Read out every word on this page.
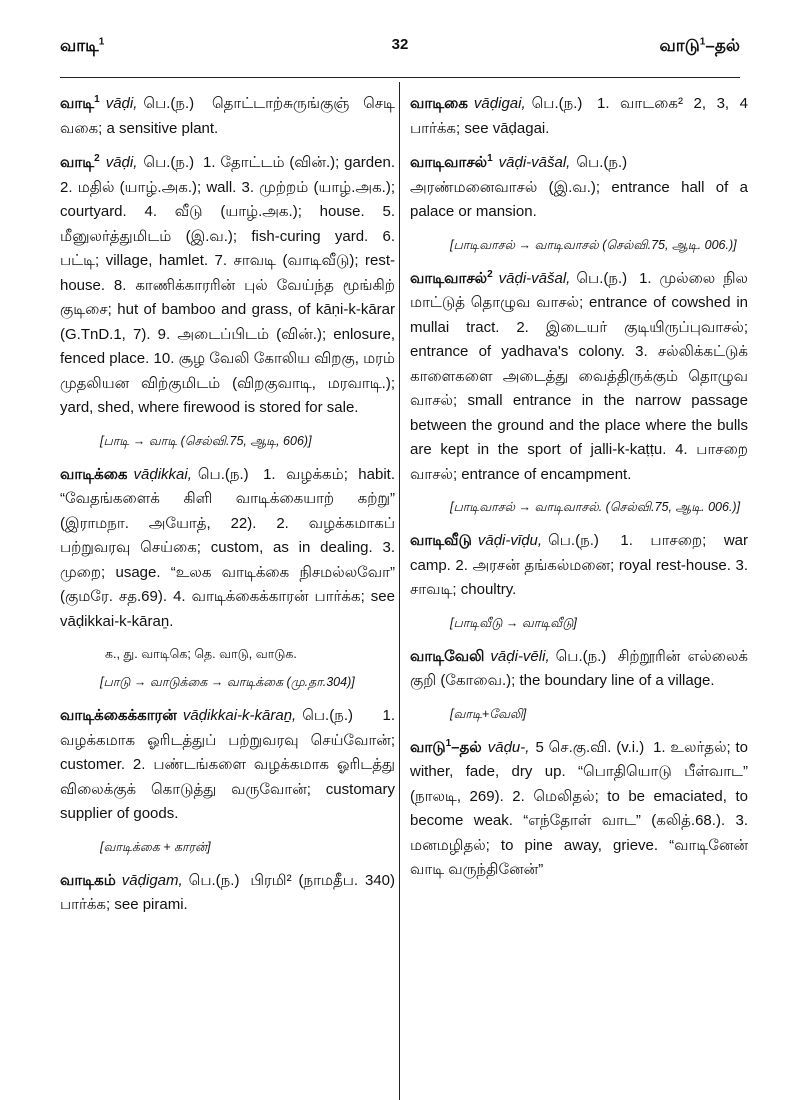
வாடி$^1$	32	வாடு$^1$–தல்
வாடி$^1$ vāḍi, பெ.(ந.) தொட்டாற்சுருங்குஞ் செடி வகை; a sensitive plant.
வாடி$^2$ vāḍi, பெ.(ந.) 1. தோட்டம் (வின்.); garden. 2. மதில் (யாழ்.அக.); wall. 3. முற்றம் (யாழ்.அக.); courtyard. 4. வீடு (யாழ்.அக.); house. 5. மீனுலர்த்துமிடம் (இ.வ.); fish-curing yard. 6. பட்டி; village, hamlet. 7. சாவடி (வாடிவீடு); rest-house. 8. காணிக்காரரின் புல் வேய்ந்த மூங்கிற் குடிசை; hut of bamboo and grass, of kāṇi-k-kārar (G.TnD.1, 7). 9. அடைப்பிடம் (வின்.); enlosure, fenced place. 10. சூழ வேலி கோலிய விறகு, மரம் முதலியன விற்குமிடம் (விறகுவாடி, மரவாடி.); yard, shed, where firewood is stored for sale.
[பாடி → வாடி (செல்வி.75, ஆடி, 606)]
வாடிக்கை vāḍikkai, பெ.(ந.) 1. வழக்கம்; habit. “வேதங்களைக் கிளி வாடிக்கையாற் கற்று” (இராமநா. அயோத், 22). 2. வழக்கமாகப் பற்றுவரவு செய்கை; custom, as in dealing. 3. முறை; usage. “உலக வாடிக்கை நிசமல்லவோ” (குமரே. சத.69). 4. வாடிக்கைக்காரன் பார்க்க; see vāḍikkai-k-kāraṉ.
க., து. வாடிகெ; தெ. வாடு, வாடுக.
[பாடு → வாடுக்கை → வாடிக்கை (மு.தா.304)]
வாடிக்கைக்காரன் vāḍikkai-k-kāraṉ, பெ.(ந.) 1. வழக்கமாக ஓரிடத்துப் பற்றுவரவு செய்வோன்; customer. 2. பண்டங்களை வழக்கமாக ஓரிடத்து விலைக்குக் கொடுத்து வருவோன்; customary supplier of goods.
[வாடிக்கை + காரன்]
வாடிகம் vāḍigam, பெ.(ந.) பிரமி² (நாமதீப. 340) பார்க்க; see pirami.
வாடிகை vāḍigai, பெ.(ந.) 1. வாடகை² 2, 3, 4 பார்க்க; see vāḍagai.
வாடிவாசல்$^1$ vāḍi-vāšal, பெ.(ந.) அரண்மனைவாசல் (இ.வ.); entrance hall of a palace or mansion.
[பாடிவாசல் → வாடிவாசல் (செல்வி.75, ஆடி. 006.)]
வாடிவாசல்$^2$ vāḍi-vāšal, பெ.(ந.) 1. முல்லை நில மாட்டுத் தொழுவ வாசல்; entrance of cowshed in mullai tract. 2. இடையர் குடியிருப்புவாசல்; entrance of yadhava's colony. 3. சல்லிக்கட்டுக் காளைகளை அடைத்து வைத்திருக்கும் தொழுவ வாசல்; small entrance in the narrow passage between the ground and the place where the bulls are kept in the sport of jalli-k-kaṭṭu. 4. பாசறை வாசல்; entrance of encampment.
[பாடிவாசல் → வாடிவாசல். (செல்வி.75, ஆடி. 006.)]
வாடிவீடு vāḍi-vīḍu, பெ.(ந.) 1. பாசறை; war camp. 2. அரசன் தங்கல்மனை; royal rest-house. 3. சாவடி; choultry.
[பாடிவீடு → வாடிவீடு]
வாடிவேலி vāḍi-vēli, பெ.(ந.) சிற்றூரின் எல்லைக் குறி (கோவை.); the boundary line of a village.
[வாடி+வேலி]
வாடு$^1$–தல் vāḍu-, 5 செ.கு.வி. (v.i.) 1. உலர்தல்; to wither, fade, dry up. “பொதியொடு பீள்வாட” (நாலடி, 269). 2. மெலிதல்; to be emaciated, to become weak. “எந்தோள் வாட” (கலித்.68.). 3. மனமழிதல்; to pine away, grieve. “வாடினேன் வாடி வருந்தினேன்”
